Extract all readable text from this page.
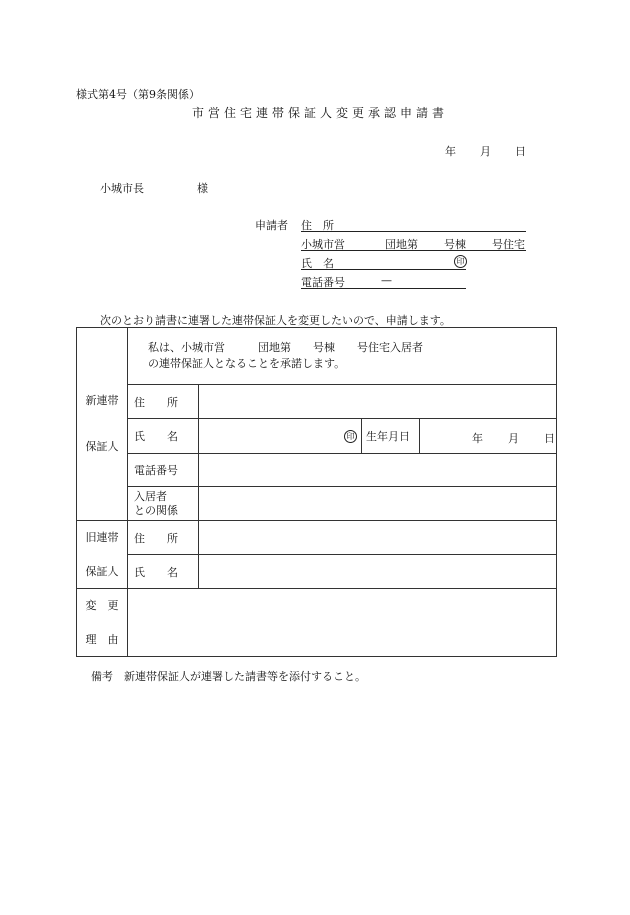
様式第4号（第9条関係）
市営住宅連帯保証人変更承認申請書
年 月 日
小城市長	様
申請者 住　所
小城市営	団地第 号棟 号住宅
氏　名	印
電話番号	—
次のとおり請書に連署した連帯保証人を変更したいので、申請します。
新連帯
保証人	私は、小城市営　　　団地第　　号棟　　号住宅入居者
の連帯保証人となることを承諾します。			

	住　　所			
	氏　　名	印	生年月日	年 月 日

	電話番号			

	入居者
との関係			

旧連帯
保証人	住　　所			
	氏　　名			

変　更
理　由				

備考　新連帯保証人が連署した請書等を添付すること。
